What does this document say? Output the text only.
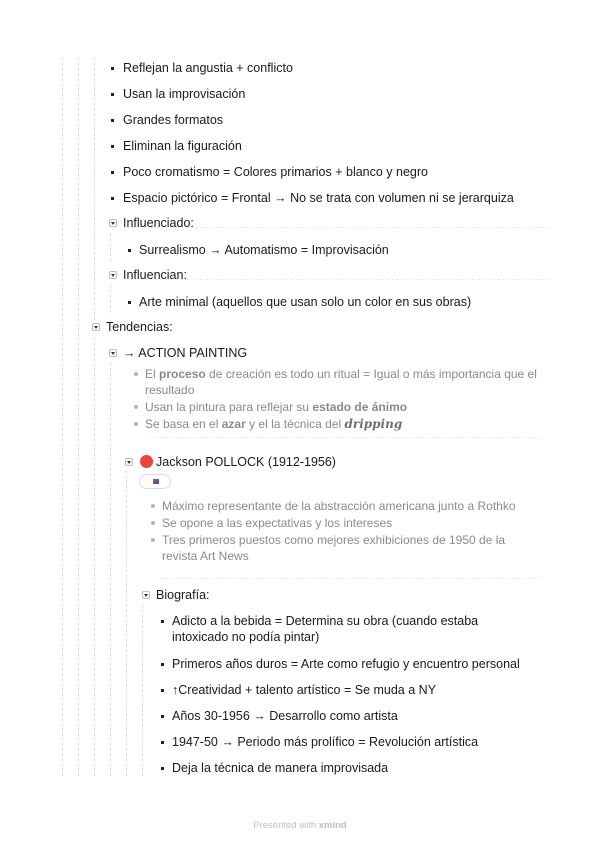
Reflejan la angustia + conflicto
Usan la improvisación
Grandes formatos
Eliminan la figuración
Poco cromatismo = Colores primarios + blanco y negro
Espacio pictórico = Frontal → No se trata con volumen ni se jerarquiza
Influenciado:
Surrealismo → Automatismo = Improvisación
Influencian:
Arte minimal (aquellos que usan solo un color en sus obras)
Tendencias:
→ ACTION PAINTING
El proceso de creación es todo un ritual = Igual o más importancia que el
resultado
Usan la pintura para reflejar su estado de ánimo
Se basa en el azar y el la técnica del dripping
Jackson POLLOCK (1912-1956)
Máximo representante de la abstracción americana junto a Rothko
Se opone a las expectativas y los intereses
Tres primeros puestos como mejores exhibiciones de 1950 de la
revista Art News
Biografía:
Adicto a la bebida = Determina su obra (cuando estaba
intoxicado no podía pintar)
Primeros años duros = Arte como refugio y encuentro personal
↑Creatividad + talento artístico = Se muda a NY
Años 30-1956 → Desarrollo como artista
1947-50 → Periodo más prolífico = Revolución artística
Deja la técnica de manera improvisada
Presented with xmind
